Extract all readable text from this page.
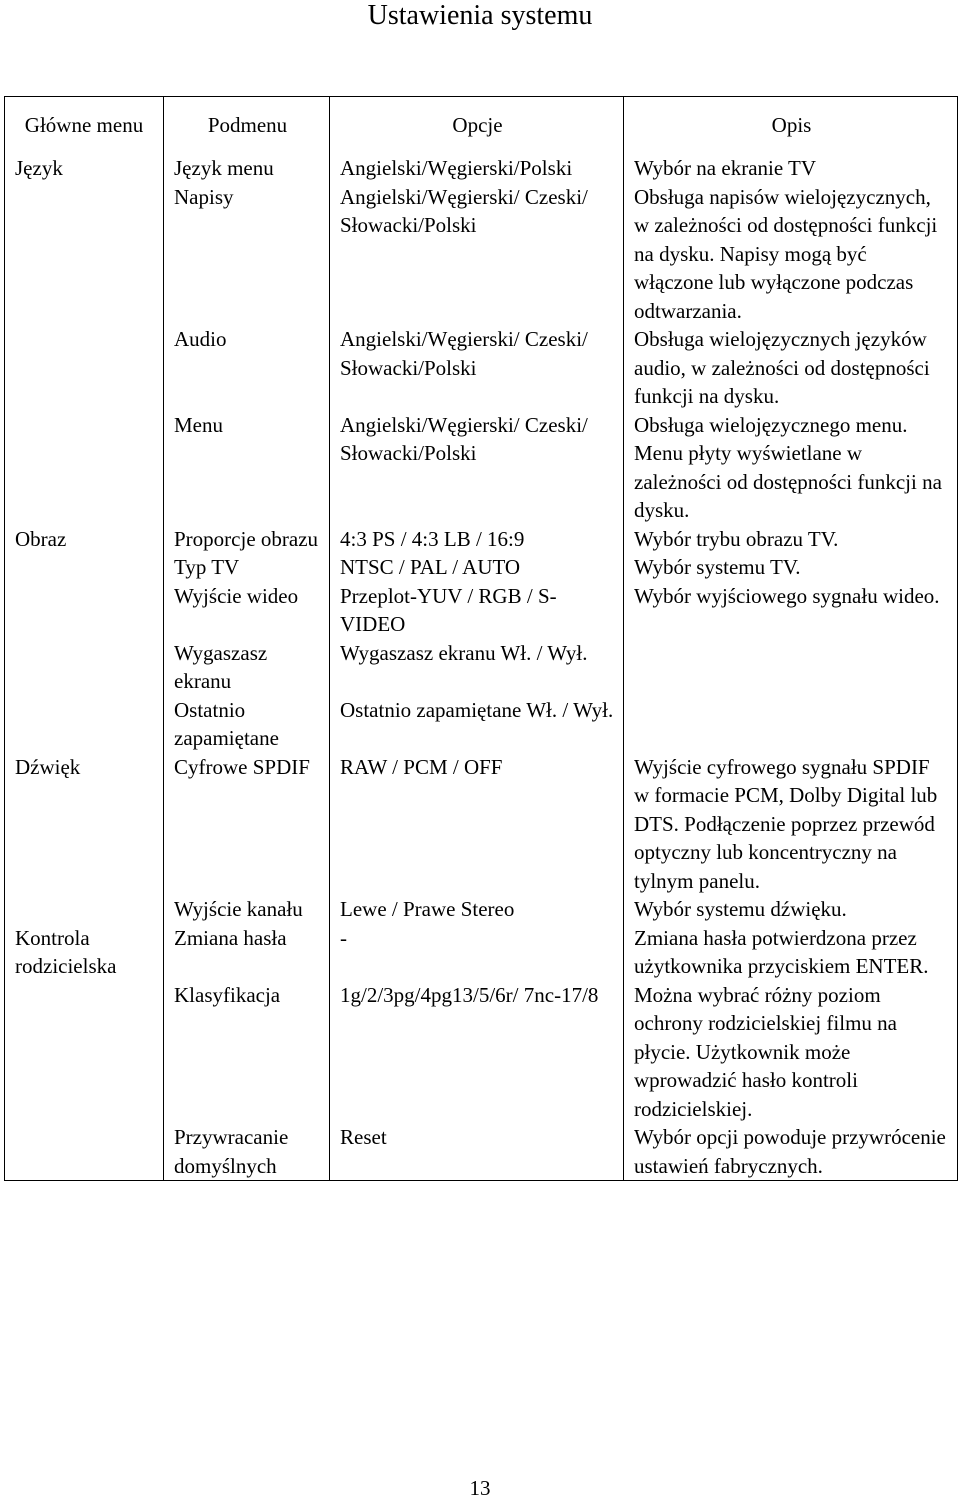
Ustawienia systemu
Główne menu	Podmenu	Opcje	Opis
Język	Język menu	Angielski/Węgierski/Polski	Wybór na ekranie TV
	Napisy	Angielski/Węgierski/ Czeski/ Słowacki/Polski	Obsługa napisów wielojęzycznych, w zależności od dostępności funkcji na dysku. Napisy mogą być włączone lub wyłączone podczas odtwarzania.
	Audio	Angielski/Węgierski/ Czeski/ Słowacki/Polski	Obsługa wielojęzycznych języków audio, w zależności od dostępności funkcji na dysku.
	Menu	Angielski/Węgierski/ Czeski/ Słowacki/Polski	Obsługa wielojęzycznego menu. Menu płyty wyświetlane w zależności od dostępności funkcji na dysku.
Obraz	Proporcje obrazu	4:3 PS / 4:3 LB / 16:9	Wybór trybu obrazu TV.
	Typ TV	NTSC / PAL / AUTO	Wybór systemu TV.
	Wyjście wideo	Przeplot-YUV / RGB / S-VIDEO	Wybór wyjściowego sygnału wideo.
	Wygaszasz ekranu	Wygaszasz ekranu Wł. / Wył.	
	Ostatnio zapamiętane	Ostatnio zapamiętane Wł. / Wył.	
Dźwięk	Cyfrowe SPDIF	RAW / PCM / OFF	Wyjście cyfrowego sygnału SPDIF w formacie PCM, Dolby Digital lub DTS. Podłączenie poprzez przewód optyczny lub koncentryczny na tylnym panelu.
	Wyjście kanału	Lewe / Prawe Stereo	Wybór systemu dźwięku.
Kontrola rodzicielska	Zmiana hasła	-	Zmiana hasła potwierdzona przez użytkownika przyciskiem ENTER.
	Klasyfikacja	1g/2/3pg/4pg13/5/6r/ 7nc-17/8	Można wybrać różny poziom ochrony rodzicielskiej filmu na płycie. Użytkownik może wprowadzić hasło kontroli rodzicielskiej.
	Przywracanie domyślnych	Reset	Wybór opcji powoduje przywrócenie ustawień fabrycznych.
13
